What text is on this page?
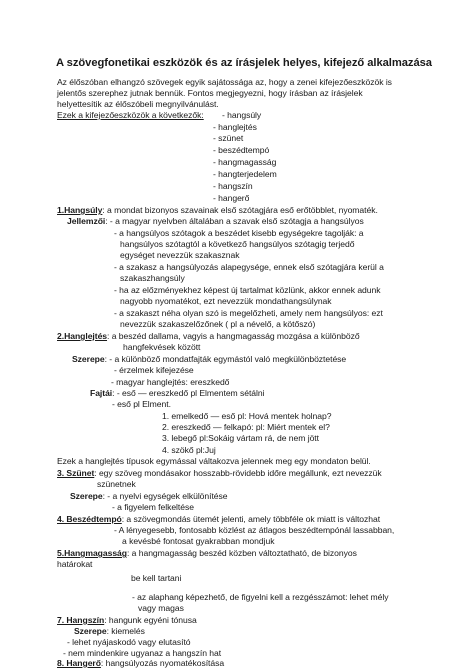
A szövegfonetikai eszközök és az írásjelek helyes, kifejező alkalmazása
Az élőszóban elhangzó szövegek egyik sajátossága az, hogy a zenei kifejezőeszközök is
jelentős szerephez jutnak bennük. Fontos megjegyezni, hogy írásban az írásjelek
helyettesítik az élőszóbeli megnyilvánulást.
Ezek a kifejezőeszközök a következők: - hangsúly
- hanglejtés
- szünet
- beszédtempó
- hangmagasság
- hangterjedelem
- hangszín
- hangerő
1.Hangsúly: a mondat bizonyos szavainak első szótagjára eső erőtöbblet, nyomaték.
Jellemzői: - a magyar nyelvben általában a szavak első szótagja a hangsúlyos
- a hangsúlyos szótagok a beszédet kisebb egységekre tagolják: a
hangsúlyos szótagtól a következő hangsúlyos szótagig terjedő
egységet nevezzük szakasznak
- a szakasz a hangsúlyozás alapegysége, ennek első szótagjára kerül a
szakaszhangsúly
- ha az előzményekhez képest új tartalmat közlünk, akkor ennek adunk
nagyobb nyomatékot, ezt nevezzük mondathangsúlynak
- a szakaszt néha olyan szó is megelőzheti, amely nem hangsúlyos: ezt
nevezzük szakaszelőzőnek ( pl a névelő, a kötőszó)
2.Hanglejtés: a beszéd dallama, vagyis a hangmagasság mozgása a különböző
hangfekvések között
Szerepe: - a különböző mondatfajták egymástól való megkülönböztetése
- érzelmek kifejezése
- magyar hanglejtés: ereszkedő
Fajtái: - eső — ereszkedő pl Elmentem sétálni
- eső pl Elment.
1. emelkedő — eső pl: Hová mentek holnap?
2. ereszkedő — felkapó: pl: Miért mentek el?
3. lebegő pl:Sokáig vártam rá, de nem jött
4. szökő pl:Juj
Ezek a hanglejtés típusok egymással váltakozva jelennek meg egy mondaton belül.
3. Szünet: egy szöveg mondásakor hosszabb-rövidebb időre megállunk, ezt nevezzük
szünetnek
Szerepe: - a nyelvi egységek elkülönítése
- a figyelem felkeltése
4. Beszédtempó: a szövegmondás ütemét jelenti, amely többféle ok miatt is változhat
- A lényegesebb, fontosabb közlést az átlagos beszédtempónál lassabban,
a kevésbé fontosat gyakrabban mondjuk
5.Hangmagasság: a hangmagasság beszéd közben változtatható, de bizonyos
határokat
be kell tartani
- az alaphang képezhető, de figyelni kell a rezgésszámot: lehet mély
vagy magas
7. Hangszín: hangunk egyéni tónusa
Szerepe: kiemelés
- lehet nyájaskodó vagy elutasító
- nem mindenkire ugyanaz a hangszín hat
8. Hangerő: hangsúlyozás nyomatékosítása
